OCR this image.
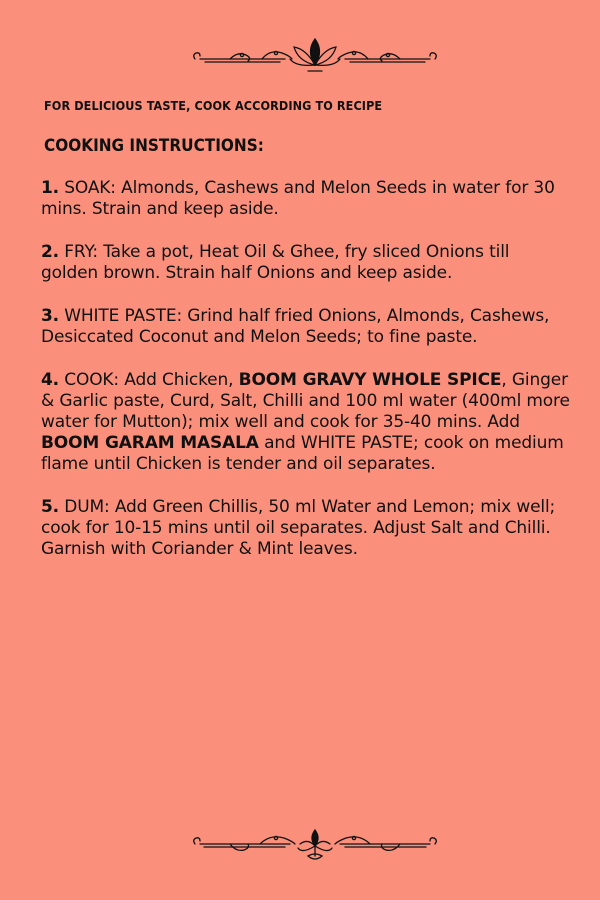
FOR DELICIOUS TASTE, COOK ACCORDING TO RECIPE

COOKING INSTRUCTIONS:
1. SOAK: Almonds, Cashews and Melon Seeds in water for 30 mins. Strain and keep aside.
2. FRY: Take a pot, Heat Oil & Ghee, fry sliced Onions till golden brown. Strain half Onions and keep aside.
3. WHITE PASTE: Grind half fried Onions, Almonds, Cashews, Desiccated Coconut and Melon Seeds; to fine paste.
4. COOK: Add Chicken, BOOM GRAVY WHOLE SPICE, Ginger & Garlic paste, Curd, Salt, Chilli and 100 ml water (400ml more water for Mutton); mix well and cook for 35-40 mins. Add BOOM GARAM MASALA and WHITE PASTE; cook on medium flame until Chicken is tender and oil separates.
5. DUM: Add Green Chillis, 50 ml Water and Lemon; mix well; cook for 10-15 mins until oil separates. Adjust Salt and Chilli. Garnish with Coriander & Mint leaves.
